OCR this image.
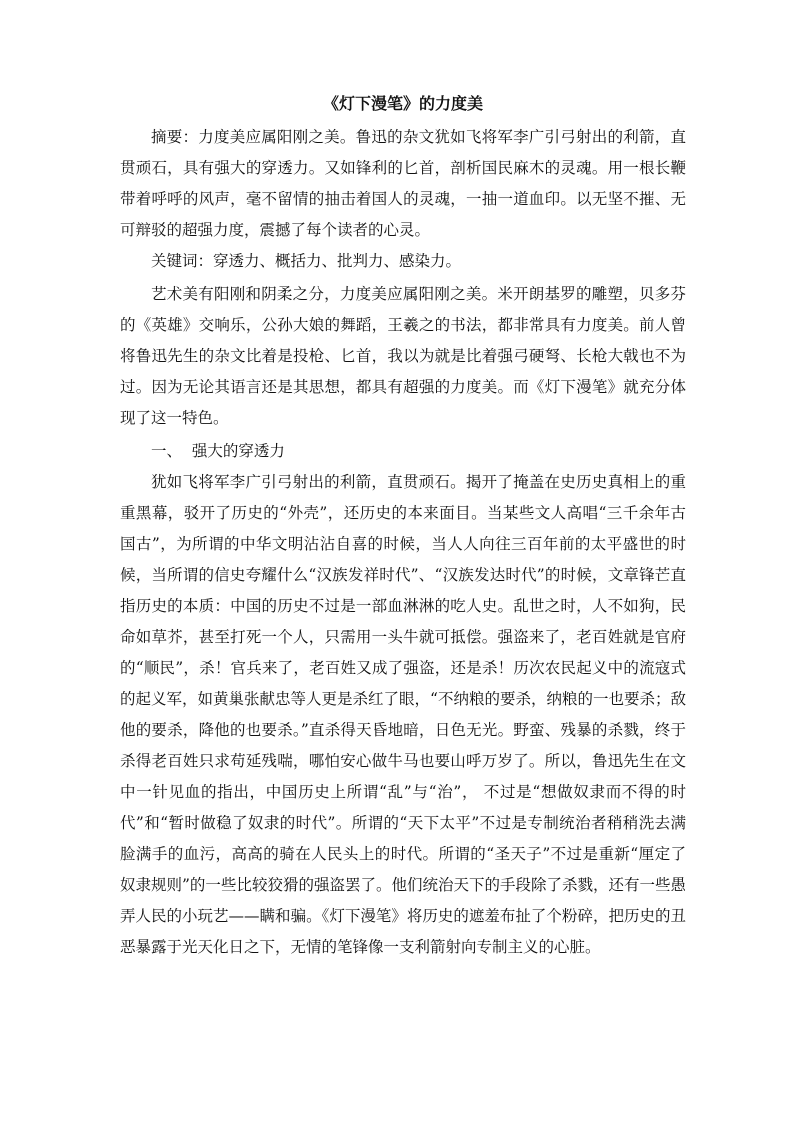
《灯下漫笔》的力度美

摘要：力度美应属阳刚之美。鲁迅的杂文犹如飞将军李广引弓射出的利箭，直贯顽石，具有强大的穿透力。又如锋利的匕首，剖析国民麻木的灵魂。用一根长鞭带着呼呼的风声，毫不留情的抽击着国人的灵魂，一抽一道血印。以无坚不摧、无可辩驳的超强力度，震撼了每个读者的心灵。

关键词：穿透力、概括力、批判力、感染力。

艺术美有阳刚和阴柔之分，力度美应属阳刚之美。米开朗基罗的雕塑，贝多芬的《英雄》交响乐，公孙大娘的舞蹈，王羲之的书法，都非常具有力度美。前人曾将鲁迅先生的杂文比着是投枪、匕首，我以为就是比着强弓硬弩、长枪大戟也不为过。因为无论其语言还是其思想，都具有超强的力度美。而《灯下漫笔》就充分体现了这一特色。

一、  强大的穿透力

犹如飞将军李广引弓射出的利箭，直贯顽石。揭开了掩盖在史历史真相上的重重黑幕，驳开了历史的“外壳”，还历史的本来面目。当某些文人高唱“三千余年古国古”，为所谓的中华文明沾沾自喜的时候，当人人向往三百年前的太平盛世的时候，当所谓的信史夸耀什么“汉族发祥时代”、“汉族发达时代”的时候，文章锋芒直指历史的本质：中国的历史不过是一部血淋淋的吃人史。乱世之时，人不如狗，民命如草芥，甚至打死一个人，只需用一头牛就可抵偿。强盗来了，老百姓就是官府的“顺民”，杀！官兵来了，老百姓又成了强盗，还是杀！历次农民起义中的流寇式的起义军，如黄巢张献忠等人更是杀红了眼，“不纳粮的要杀，纳粮的一也要杀；敌他的要杀，降他的也要杀。”直杀得天昏地暗，日色无光。野蛮、残暴的杀戮，终于杀得老百姓只求苟延残喘，哪怕安心做牛马也要山呼万岁了。所以，鲁迅先生在文中一针见血的指出，中国历史上所谓“乱”与“治”， 不过是“想做奴隶而不得的时代”和“暂时做稳了奴隶的时代”。所谓的“天下太平”不过是专制统治者稍稍洗去满脸满手的血污，高高的骑在人民头上的时代。所谓的“圣天子”不过是重新“厘定了奴隶规则”的一些比较狡猾的强盗罢了。他们统治天下的手段除了杀戮，还有一些愚弄人民的小玩艺——瞒和骗。《灯下漫笔》将历史的遮羞布扯了个粉碎，把历史的丑恶暴露于光天化日之下，无情的笔锋像一支利箭射向专制主义的心脏。
